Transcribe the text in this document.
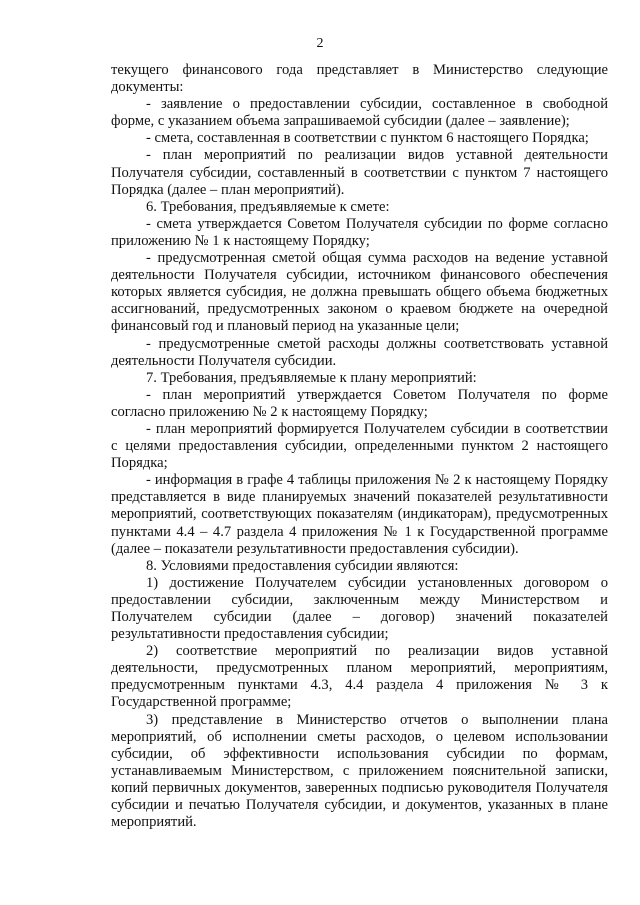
2

текущего финансового года представляет в Министерство следующие документы:

- заявление о предоставлении субсидии, составленное в свободной форме, с указанием объема запрашиваемой субсидии (далее – заявление);

- смета, составленная в соответствии с пунктом 6 настоящего Порядка;

- план мероприятий по реализации видов уставной деятельности Получателя субсидии, составленный в соответствии с пунктом 7 настоящего Порядка (далее – план мероприятий).

6. Требования, предъявляемые к смете:

- смета утверждается Советом Получателя субсидии по форме согласно приложению № 1 к настоящему Порядку;

- предусмотренная сметой общая сумма расходов на ведение уставной деятельности Получателя субсидии, источником финансового обеспечения которых является субсидия, не должна превышать общего объема бюджетных ассигнований, предусмотренных законом о краевом бюджете на очередной финансовый год и плановый период на указанные цели;

- предусмотренные сметой расходы должны соответствовать уставной деятельности Получателя субсидии.

7. Требования, предъявляемые к плану мероприятий:

- план мероприятий утверждается Советом Получателя по форме согласно приложению № 2 к настоящему Порядку;

- план мероприятий формируется Получателем субсидии в соответствии с целями предоставления субсидии, определенными пунктом 2 настоящего Порядка;

- информация в графе 4 таблицы приложения № 2 к настоящему Порядку представляется в виде планируемых значений показателей результативности мероприятий, соответствующих показателям (индикаторам), предусмотренных пунктами 4.4 – 4.7 раздела 4 приложения № 1 к Государственной программе (далее – показатели результативности предоставления субсидии).

8. Условиями предоставления субсидии являются:

1) достижение Получателем субсидии установленных договором о предоставлении субсидии, заключенным между Министерством и Получателем субсидии (далее – договор) значений показателей результативности предоставления субсидии;

2) соответствие мероприятий по реализации видов уставной деятельности, предусмотренных планом мероприятий, мероприятиям, предусмотренным пунктами 4.3, 4.4 раздела 4 приложения № 3 к Государственной программе;

3) представление в Министерство отчетов о выполнении плана мероприятий, об исполнении сметы расходов, о целевом использовании субсидии, об эффективности использования субсидии по формам, устанавливаемым Министерством, с приложением пояснительной записки, копий первичных документов, заверенных подписью руководителя Получателя субсидии и печатью Получателя субсидии, и документов, указанных в плане мероприятий.
